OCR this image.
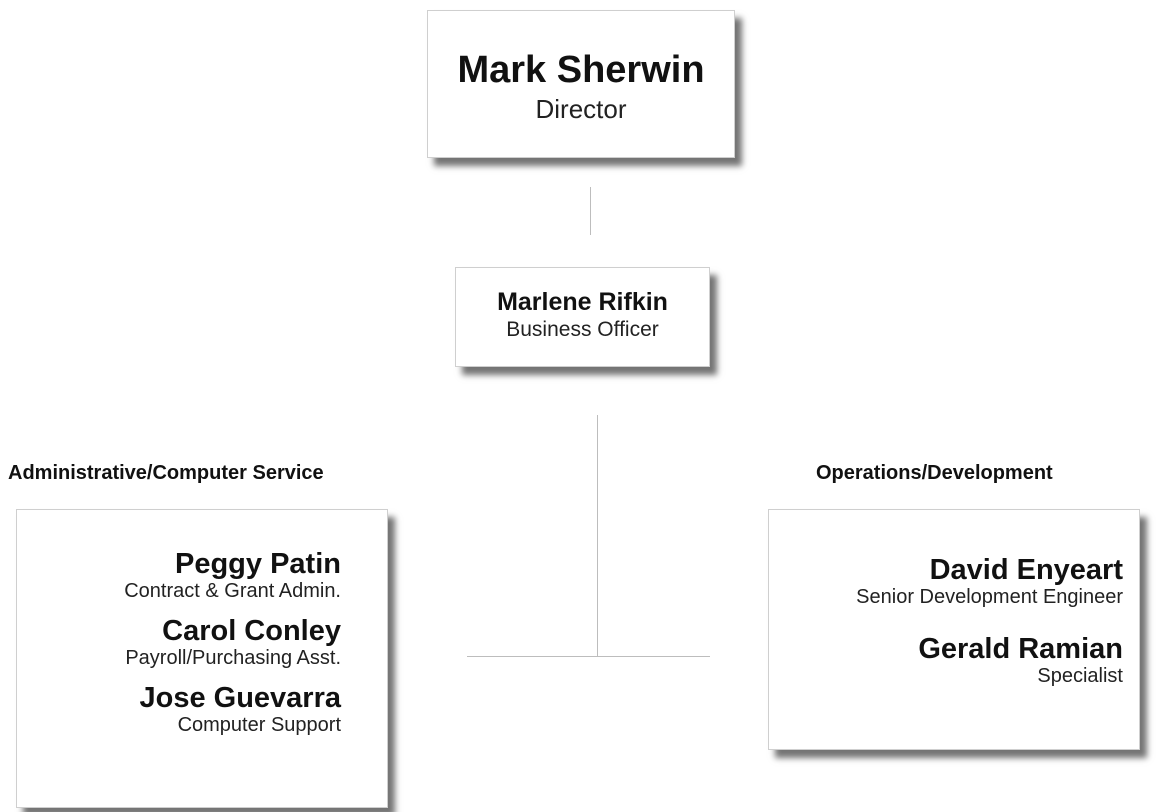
Mark Sherwin
Director
Marlene Rifkin
Business Officer
Administrative/Computer Service	Operations/Development
Peggy Patin
Contract & Grant Admin.
Carol Conley
Payroll/Purchasing Asst.
Jose Guevarra
Computer Support
David Enyeart
Senior Development Engineer
Gerald Ramian
Specialist
